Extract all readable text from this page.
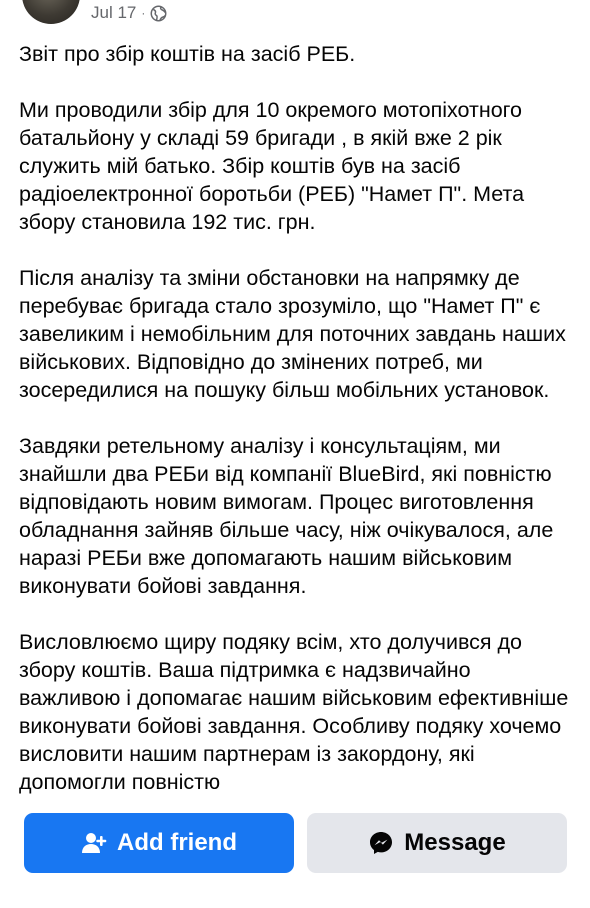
Jul 17 ·

Звіт про збір коштів на засіб РЕБ.

Ми проводили збір для 10 окремого мотопіхотного батальйону у складі 59 бригади , в якій вже 2 рік служить мій батько. Збір коштів був на засіб радіоелектронної боротьби (РЕБ) "Намет П". Мета збору становила 192 тис. грн.

Після аналізу та зміни обстановки на напрямку де перебуває бригада стало зрозуміло, що "Намет П" є завеликим і немобільним для поточних завдань наших військових. Відповідно до змінених потреб, ми зосередилися на пошуку більш мобільних установок.

Завдяки ретельному аналізу і консультаціям, ми знайшли два РЕБи від компанії BlueBird, які повністю відповідають новим вимогам. Процес виготовлення обладнання зайняв більше часу, ніж очікувалося, але наразі РЕБи вже допомагають нашим військовим виконувати бойові завдання.

Висловлюємо щиру подяку всім, хто долучився до збору коштів. Ваша підтримка є надзвичайно важливою і допомагає нашим військовим ефективніше виконувати бойові завдання. Особливу подяку хочемо висловити нашим партнерам із закордону, які допомогли повністю

Add friend	Message
